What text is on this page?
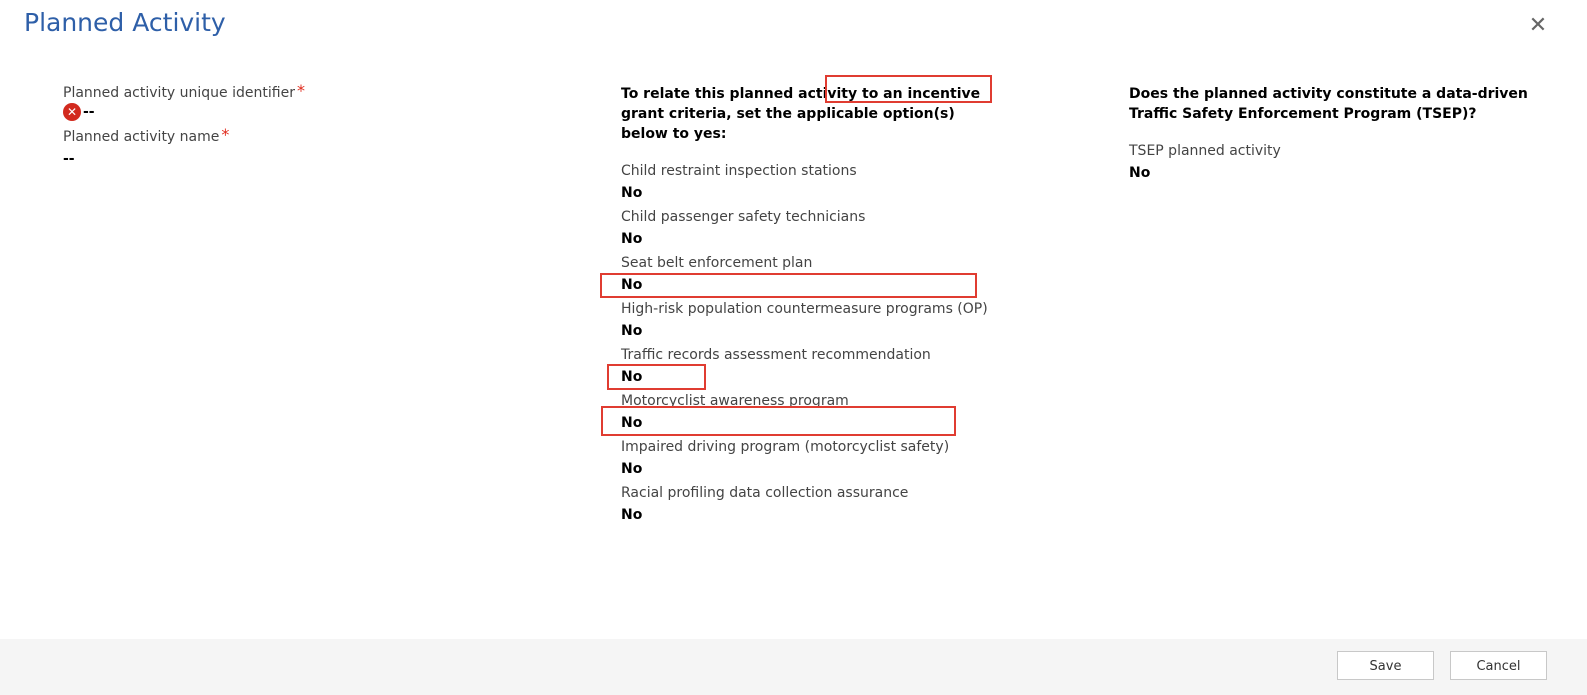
Planned Activity	✕
Planned activity unique identifier *
✕ --
Planned activity name *
--

To relate this planned activity to an incentive grant criteria, set the applicable option(s) below to yes:

Child restraint inspection stations
No
Child passenger safety technicians
No
Seat belt enforcement plan
No
High-risk population countermeasure programs (OP)
No
Traffic records assessment recommendation
No
Motorcyclist awareness program
No
Impaired driving program (motorcyclist safety)
No
Racial profiling data collection assurance
No

Does the planned activity constitute a data-driven Traffic Safety Enforcement Program (TSEP)?

TSEP planned activity
No
Save	Cancel
